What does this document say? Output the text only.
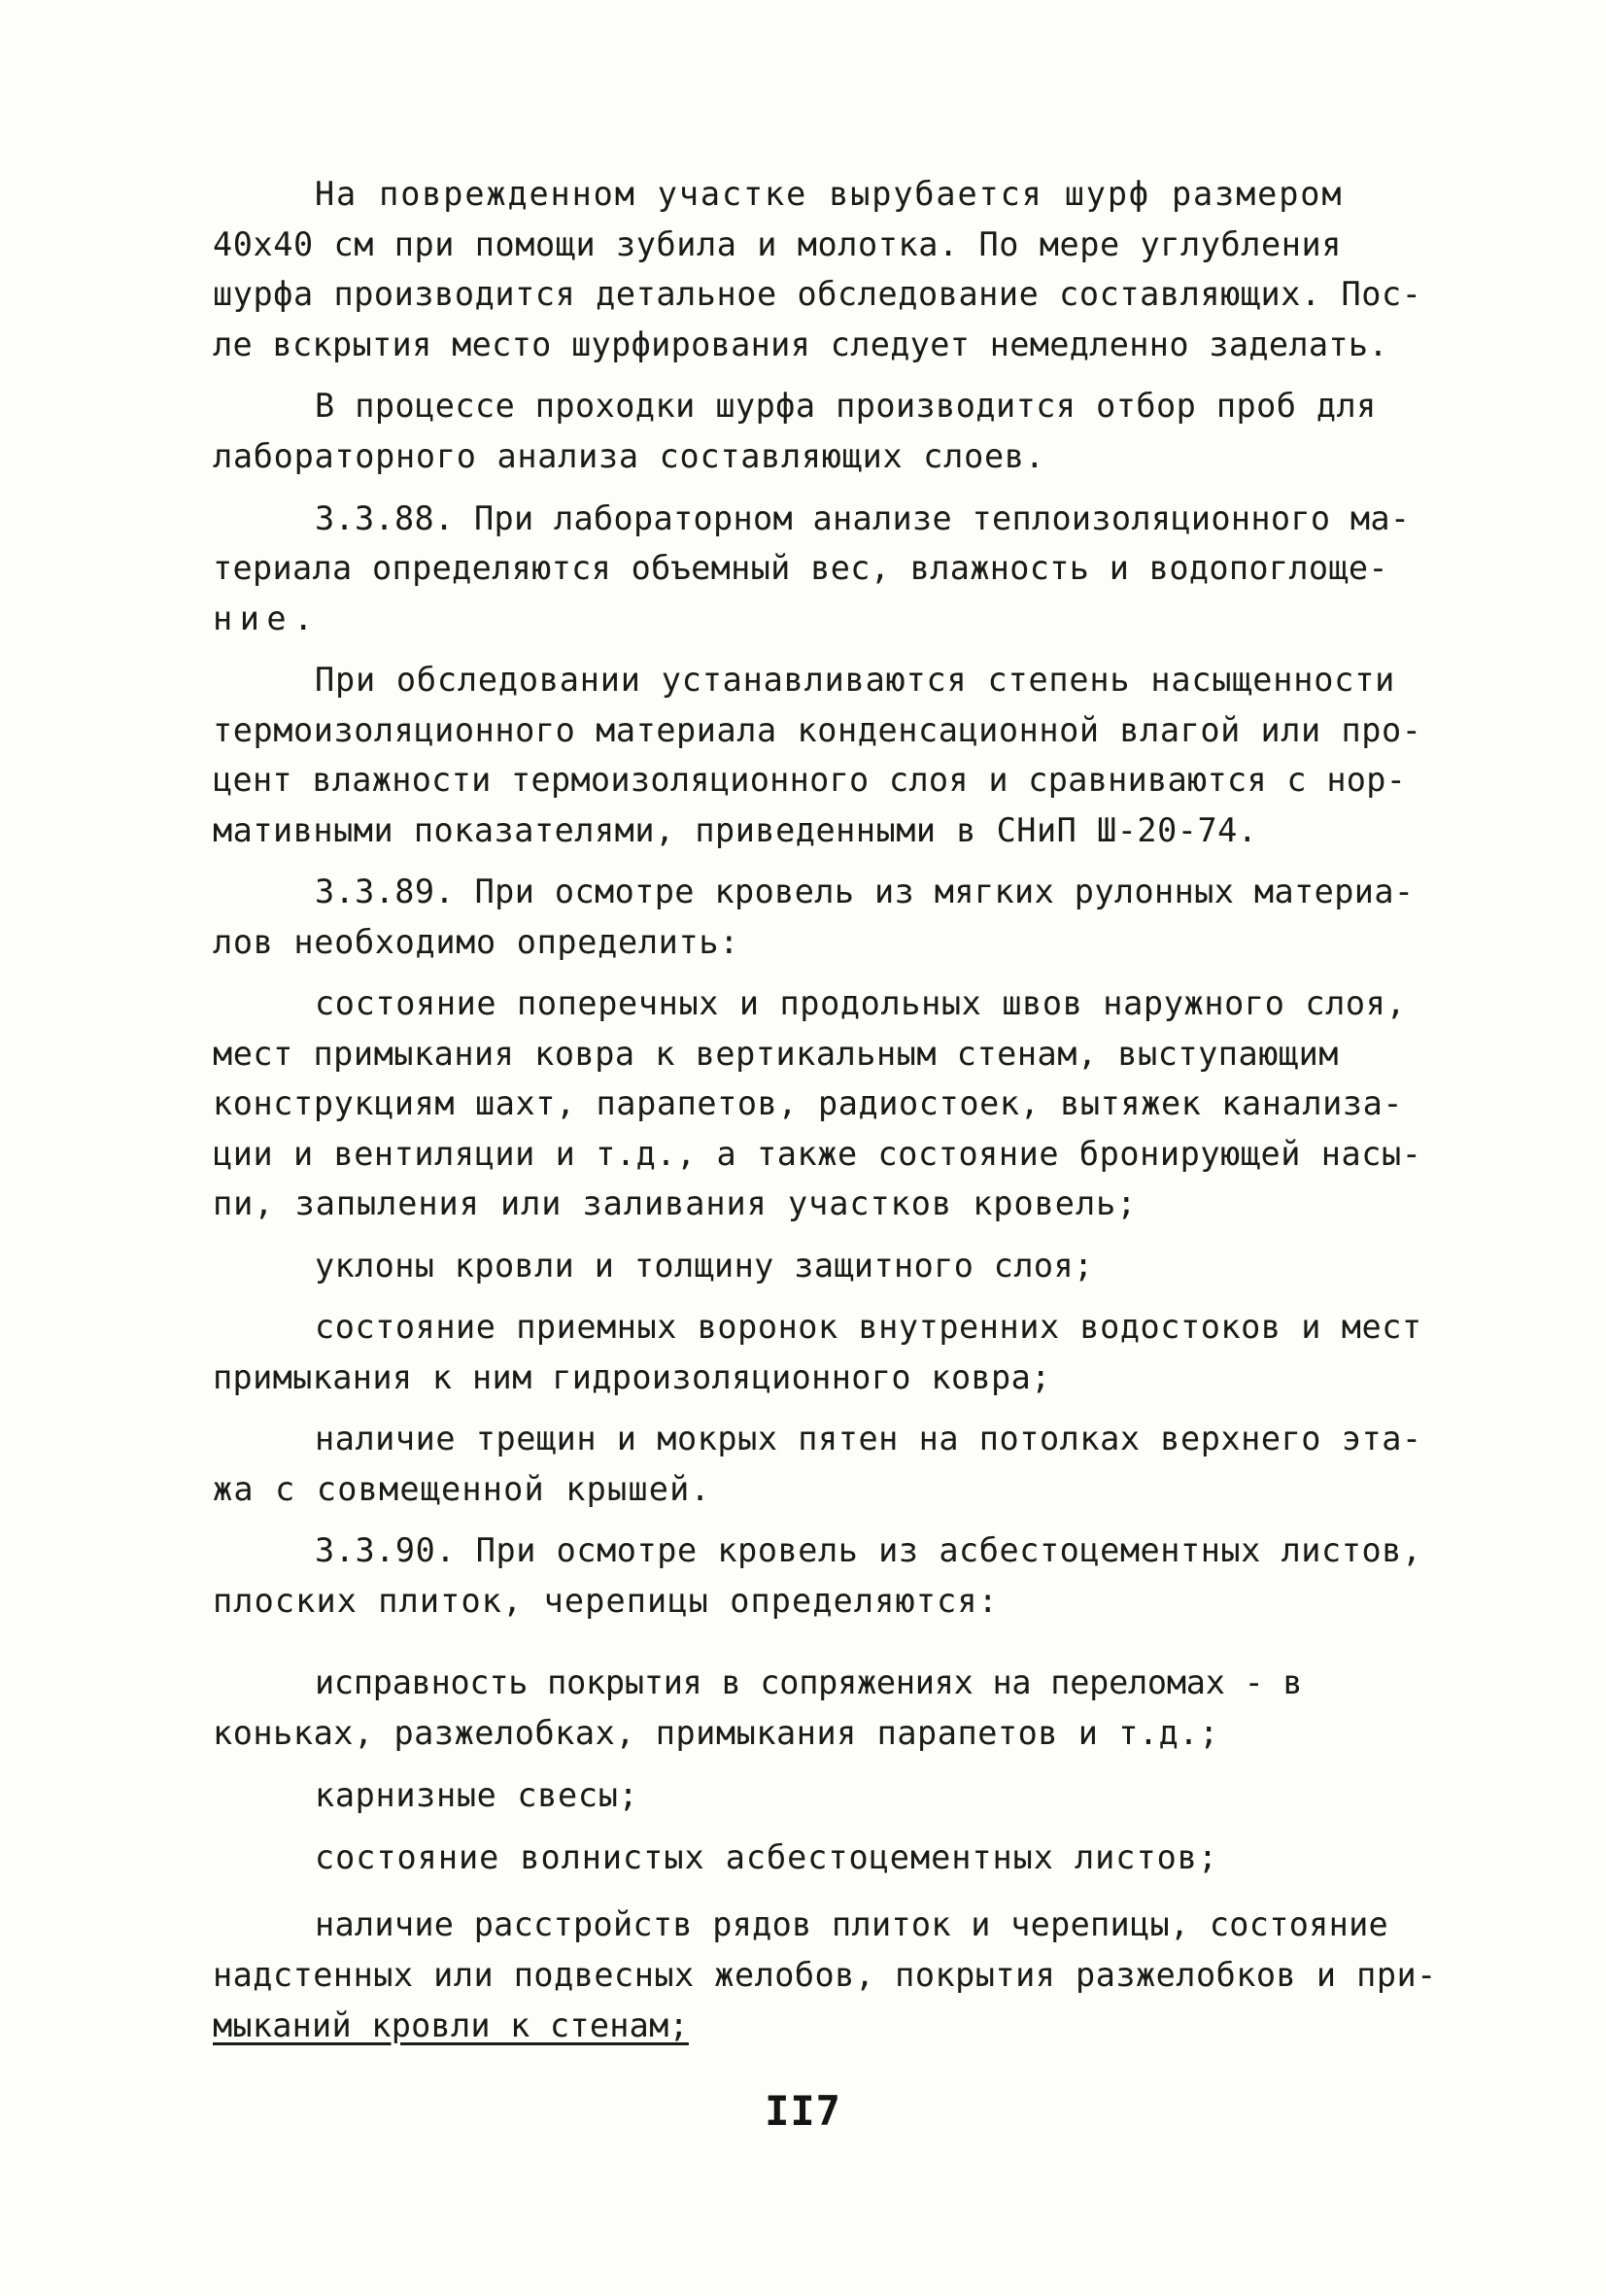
На поврежденном участке вырубается шурф размером
40x40 см при помощи зубила и молотка. По мере углубления
шурфа производится детальное обследование составляющих. Пос-
ле вскрытия место шурфирования следует немедленно заделать.
В процессе проходки шурфа производится отбор проб для
лабораторного анализа составляющих слоев.
3.3.88. При лабораторном анализе теплоизоляционного ма-
териала определяются объемный вес, влажность и водопоглоще-
ние.
При обследовании устанавливаются степень насыщенности
термоизоляционного материала конденсационной влагой или про-
цент влажности термоизоляционного слоя и сравниваются с нор-
мативными показателями, приведенными в СНиП Ш-20-74.
3.3.89. При осмотре кровель из мягких рулонных материа-
лов необходимо определить:
состояние поперечных и продольных швов наружного слоя,
мест примыкания ковра к вертикальным стенам, выступающим
конструкциям шахт, парапетов, радиостоек, вытяжек канализа-
ции и вентиляции и т.д., а также состояние бронирующей насы-
пи, запыления или заливания участков кровель;
уклоны кровли и толщину защитного слоя;
состояние приемных воронок внутренних водостоков и мест
примыкания к ним гидроизоляционного ковра;
наличие трещин и мокрых пятен на потолках верхнего эта-
жа с совмещенной крышей.
3.3.90. При осмотре кровель из асбестоцементных листов,
плоских плиток, черепицы определяются:
исправность покрытия в сопряжениях на переломах - в
коньках, разжелобках, примыкания парапетов и т.д.;
карнизные свесы;
состояние волнистых асбестоцементных листов;
наличие расстройств рядов плиток и черепицы, состояние
надстенных или подвесных желобов, покрытия разжелобков и при-
мыканий кровли к стенам;
II7
